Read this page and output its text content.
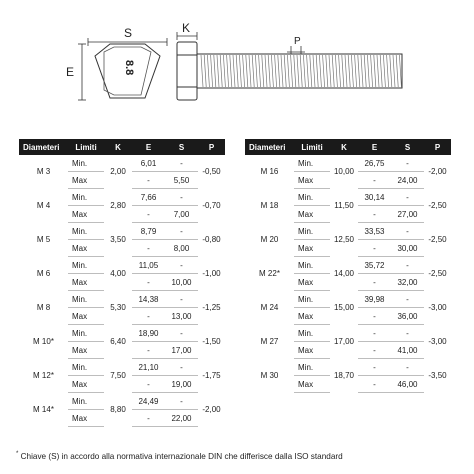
S	K
E
P
8.8
Diameteri	Limiti	K	E	S	P
M 3	Min.	2,00	6,01	-	-0,50
	Max		-	5,50	
M 4	Min.	2,80	7,66	-	-0,70
	Max		-	7,00	
M 5	Min.	3,50	8,79	-	-0,80
	Max		-	8,00	
M 6	Min.	4,00	11,05	-	-1,00
	Max		-	10,00	
M 8	Min.	5,30	14,38	-	-1,25
	Max		-	13,00	
M 10*	Min.	6,40	18,90	-	-1,50
	Max		-	17,00	
M 12*	Min.	7,50	21,10	-	-1,75
	Max		-	19,00	
M 14*	Min.	8,80	24,49	-	-2,00
	Max		-	22,00	
Diameteri	Limiti	K	E	S	P
M 16	Min.	10,00	26,75	-	-2,00
	Max		-	24,00	
M 18	Min.	11,50	30,14	-	-2,50
	Max		-	27,00	
M 20	Min.	12,50	33,53	-	-2,50
	Max		-	30,00	
M 22*	Min.	14,00	35,72	-	-2,50
	Max		-	32,00	
M 24	Min.	15,00	39,98	-	-3,00
	Max		-	36,00	
M 27	Min.	17,00	-	-	-3,00
	Max		-	41,00	
M 30	Min.	18,70	-	-	-3,50
	Max		-	46,00	
* Chiave (S) in accordo alla normativa internazionale DIN che differisce dalla ISO standard
